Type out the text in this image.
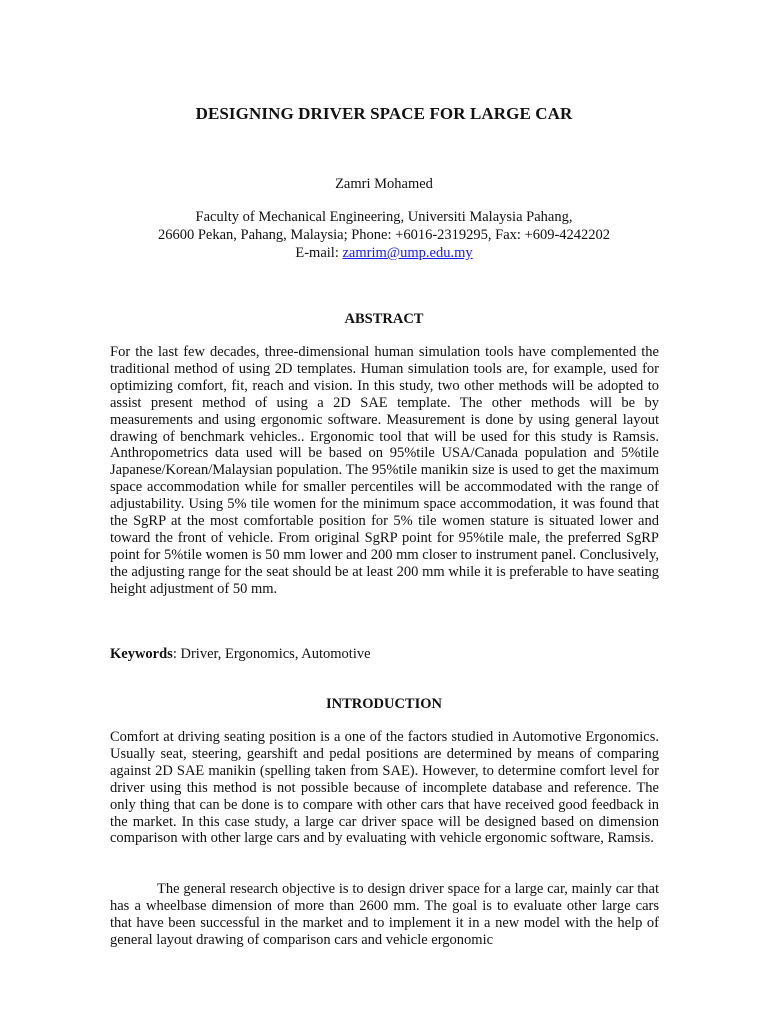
DESIGNING DRIVER SPACE FOR LARGE CAR
Zamri Mohamed
Faculty of Mechanical Engineering, Universiti Malaysia Pahang,
26600 Pekan, Pahang, Malaysia; Phone: +6016-2319295, Fax: +609-4242202
E-mail: zamrim@ump.edu.my
ABSTRACT
For the last few decades, three-dimensional human simulation tools have complemented the traditional method of using 2D templates. Human simulation tools are, for example, used for optimizing comfort, fit, reach and vision. In this study, two other methods will be adopted to assist present method of using a 2D SAE template. The other methods will be by measurements and using ergonomic software. Measurement is done by using general layout drawing of benchmark vehicles.. Ergonomic tool that will be used for this study is Ramsis. Anthropometrics data used will be based on 95%tile USA/Canada population and 5%tile Japanese/Korean/Malaysian population. The 95%tile manikin size is used to get the maximum space accommodation while for smaller percentiles will be accommodated with the range of adjustability. Using 5% tile women for the minimum space accommodation, it was found that the SgRP at the most comfortable position for 5% tile women stature is situated lower and toward the front of vehicle. From original SgRP point for 95%tile male, the preferred SgRP point for 5%tile women is 50 mm lower and 200 mm closer to instrument panel. Conclusively, the adjusting range for the seat should be at least 200 mm while it is preferable to have seating height adjustment of 50 mm.
Keywords: Driver, Ergonomics, Automotive
INTRODUCTION
Comfort at driving seating position is a one of the factors studied in Automotive Ergonomics. Usually seat, steering, gearshift and pedal positions are determined by means of comparing against 2D SAE manikin (spelling taken from SAE). However, to determine comfort level for driver using this method is not possible because of incomplete database and reference. The only thing that can be done is to compare with other cars that have received good feedback in the market. In this case study, a large car driver space will be designed based on dimension comparison with other large cars and by evaluating with vehicle ergonomic software, Ramsis.
The general research objective is to design driver space for a large car, mainly car that has a wheelbase dimension of more than 2600 mm. The goal is to evaluate other large cars that have been successful in the market and to implement it in a new model with the help of general layout drawing of comparison cars and vehicle ergonomic
